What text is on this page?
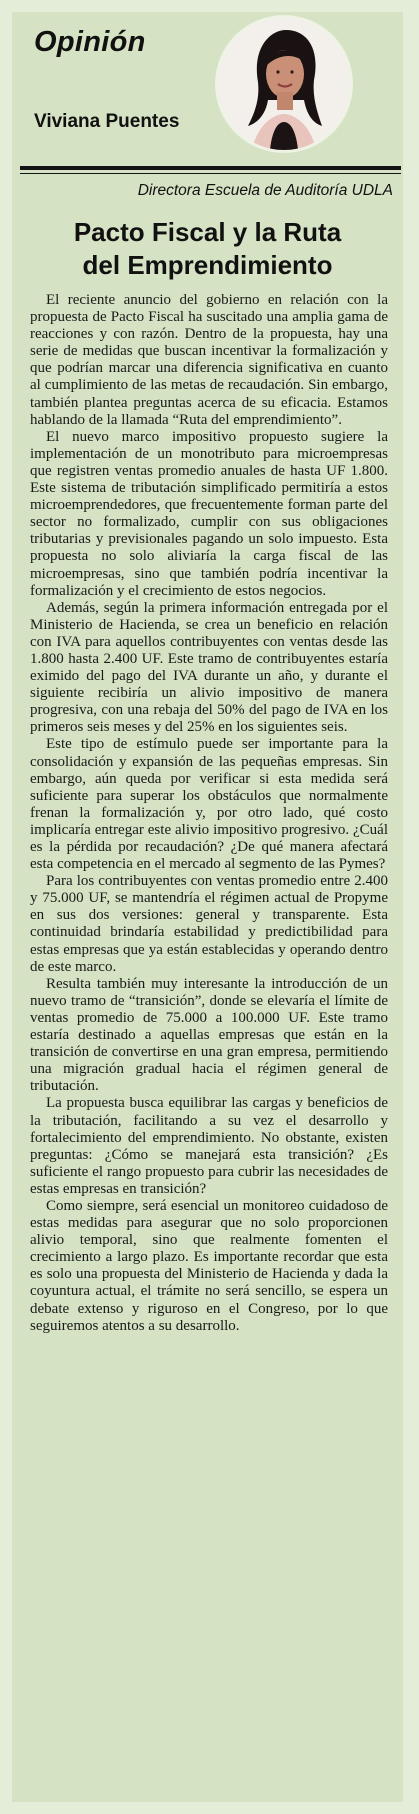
Opinión
Viviana Puentes
Directora Escuela de Auditoría UDLA
Pacto Fiscal y la Ruta
del Emprendimiento

El reciente anuncio del gobierno en relación con la propuesta de Pacto Fiscal ha suscitado una amplia gama de reacciones y con razón. Dentro de la propuesta, hay una serie de medidas que buscan incentivar la formalización y que podrían marcar una diferencia significativa en cuanto al cumplimiento de las metas de recaudación. Sin embargo, también plantea preguntas acerca de su eficacia. Estamos hablando de la llamada “Ruta del emprendimiento”.

El nuevo marco impositivo propuesto sugiere la implementación de un monotributo para microempresas que registren ventas promedio anuales de hasta UF 1.800. Este sistema de tributación simplificado permitiría a estos microemprendedores, que frecuentemente forman parte del sector no formalizado, cumplir con sus obligaciones tributarias y previsionales pagando un solo impuesto. Esta propuesta no solo aliviaría la carga fiscal de las microempresas, sino que también podría incentivar la formalización y el crecimiento de estos negocios.

Además, según la primera información entregada por el Ministerio de Hacienda, se crea un beneficio en relación con IVA para aquellos contribuyentes con ventas desde las 1.800 hasta 2.400 UF. Este tramo de contribuyentes estaría eximido del pago del IVA durante un año, y durante el siguiente recibiría un alivio impositivo de manera progresiva, con una rebaja del 50% del pago de IVA en los primeros seis meses y del 25% en los siguientes seis.

Este tipo de estímulo puede ser importante para la consolidación y expansión de las pequeñas empresas. Sin embargo, aún queda por verificar si esta medida será suficiente para superar los obstáculos que normalmente frenan la formalización y, por otro lado, qué costo implicaría entregar este alivio impositivo progresivo. ¿Cuál es la pérdida por recaudación? ¿De qué manera afectará esta competencia en el mercado al segmento de las Pymes?

Para los contribuyentes con ventas promedio entre 2.400 y 75.000 UF, se mantendría el régimen actual de Propyme en sus dos versiones: general y transparente. Esta continuidad brindaría estabilidad y predictibilidad para estas empresas que ya están establecidas y operando dentro de este marco.

Resulta también muy interesante la introducción de un nuevo tramo de “transición”, donde se elevaría el límite de ventas promedio de 75.000 a 100.000 UF. Este tramo estaría destinado a aquellas empresas que están en la transición de convertirse en una gran empresa, permitiendo una migración gradual hacia el régimen general de tributación.

La propuesta busca equilibrar las cargas y beneficios de la tributación, facilitando a su vez el desarrollo y fortalecimiento del emprendimiento. No obstante, existen preguntas: ¿Cómo se manejará esta transición? ¿Es suficiente el rango propuesto para cubrir las necesidades de estas empresas en transición?

Como siempre, será esencial un monitoreo cuidadoso de estas medidas para asegurar que no solo proporcionen alivio temporal, sino que realmente fomenten el crecimiento a largo plazo. Es importante recordar que esta es solo una propuesta del Ministerio de Hacienda y dada la coyuntura actual, el trámite no será sencillo, se espera un debate extenso y riguroso en el Congreso, por lo que seguiremos atentos a su desarrollo.
